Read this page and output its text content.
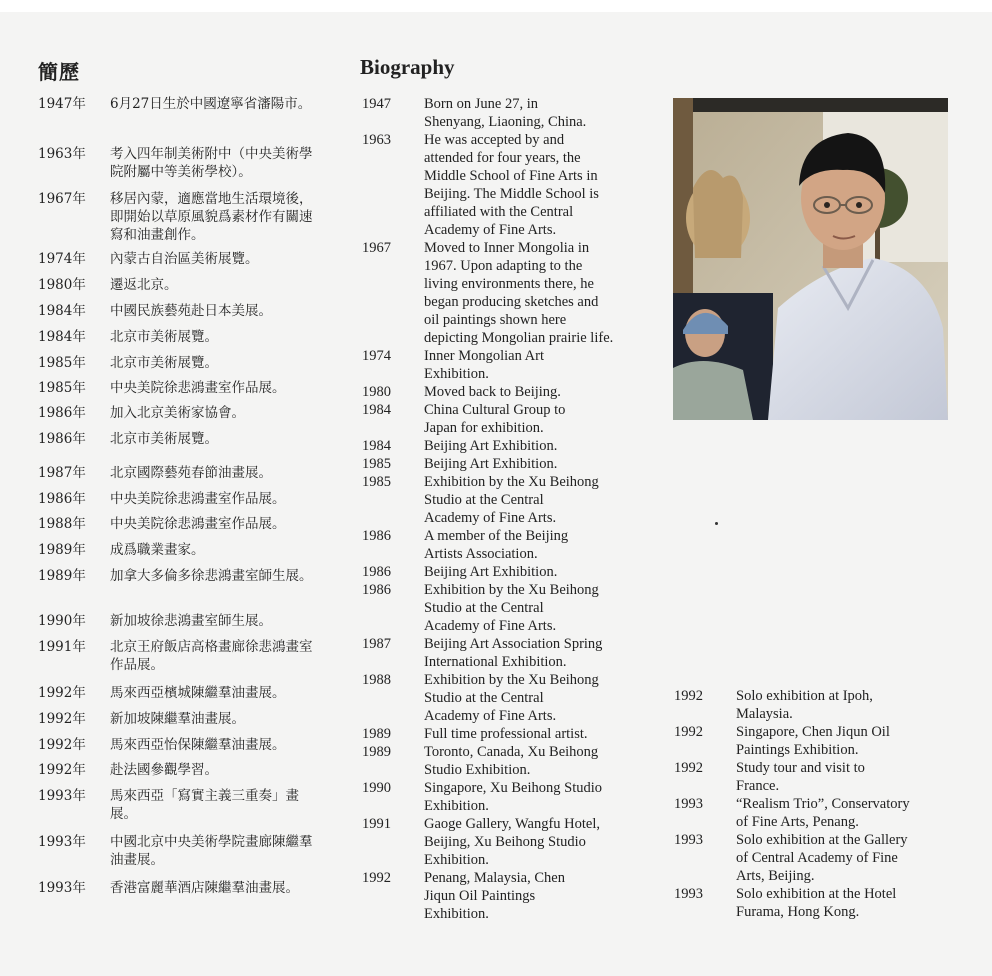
簡歷	Biography
1947年	6月27日生於中國遼寧省瀋陽市。
1963年	考入四年制美術附中（中央美術學院附屬中等美術學校）。
1967年	移居內蒙，適應當地生活環境後，即開始以草原風貌爲素材作有關速寫和油畫創作。
1974年	內蒙古自治區美術展覽。
1980年	遷返北京。
1984年	中國民族藝苑赴日本美展。
1984年	北京市美術展覽。
1985年	北京市美術展覽。
1985年	中央美院徐悲鴻畫室作品展。
1986年	加入北京美術家協會。
1986年	北京市美術展覽。
1987年	北京國際藝苑春節油畫展。
1986年	中央美院徐悲鴻畫室作品展。
1988年	中央美院徐悲鴻畫室作品展。
1989年	成爲職業畫家。
1989年	加拿大多倫多徐悲鴻畫室師生展。
1990年	新加坡徐悲鴻畫室師生展。
1991年	北京王府飯店高格畫廊徐悲鴻畫室作品展。
1992年	馬來西亞檳城陳繼羣油畫展。
1992年	新加坡陳繼羣油畫展。
1992年	馬來西亞怡保陳繼羣油畫展。
1992年	赴法國參觀學習。
1993年	馬來西亞「寫實主義三重奏」畫展。
1993年	中國北京中央美術學院畫廊陳繼羣油畫展。
1993年	香港富麗華酒店陳繼羣油畫展。
1947	Born on June 27, in
Shenyang, Liaoning, China.
1963	He was accepted by and
attended for four years, the
Middle School of Fine Arts in
Beijing. The Middle School is
affiliated with the Central
Academy of Fine Arts.
1967	Moved to Inner Mongolia in
1967. Upon adapting to the
living environments there, he
began producing sketches and
oil paintings shown here
depicting Mongolian prairie life.
1974	Inner Mongolian Art
Exhibition.
1980	Moved back to Beijing.
1984	China Cultural Group to
Japan for exhibition.
1984	Beijing Art Exhibition.
1985	Beijing Art Exhibition.
1985	Exhibition by the Xu Beihong
Studio at the Central
Academy of Fine Arts.
1986	A member of the Beijing
Artists Association.
1986	Beijing Art Exhibition.
1986	Exhibition by the Xu Beihong
Studio at the Central
Academy of Fine Arts.
1987	Beijing Art Association Spring
International Exhibition.
1988	Exhibition by the Xu Beihong
Studio at the Central
Academy of Fine Arts.
1989	Full time professional artist.
1989	Toronto, Canada, Xu Beihong
Studio Exhibition.
1990	Singapore, Xu Beihong Studio
Exhibition.
1991	Gaoge Gallery, Wangfu Hotel,
Beijing, Xu Beihong Studio
Exhibition.
1992	Penang, Malaysia, Chen
Jiqun Oil Paintings
Exhibition.
1992	Solo exhibition at Ipoh,
Malaysia.
1992	Singapore, Chen Jiqun Oil
Paintings Exhibition.
1992	Study tour and visit to
France.
1993	“Realism Trio”, Conservatory
of Fine Arts, Penang.
1993	Solo exhibition at the Gallery
of Central Academy of Fine
Arts, Beijing.
1993	Solo exhibition at the Hotel
Furama, Hong Kong.
